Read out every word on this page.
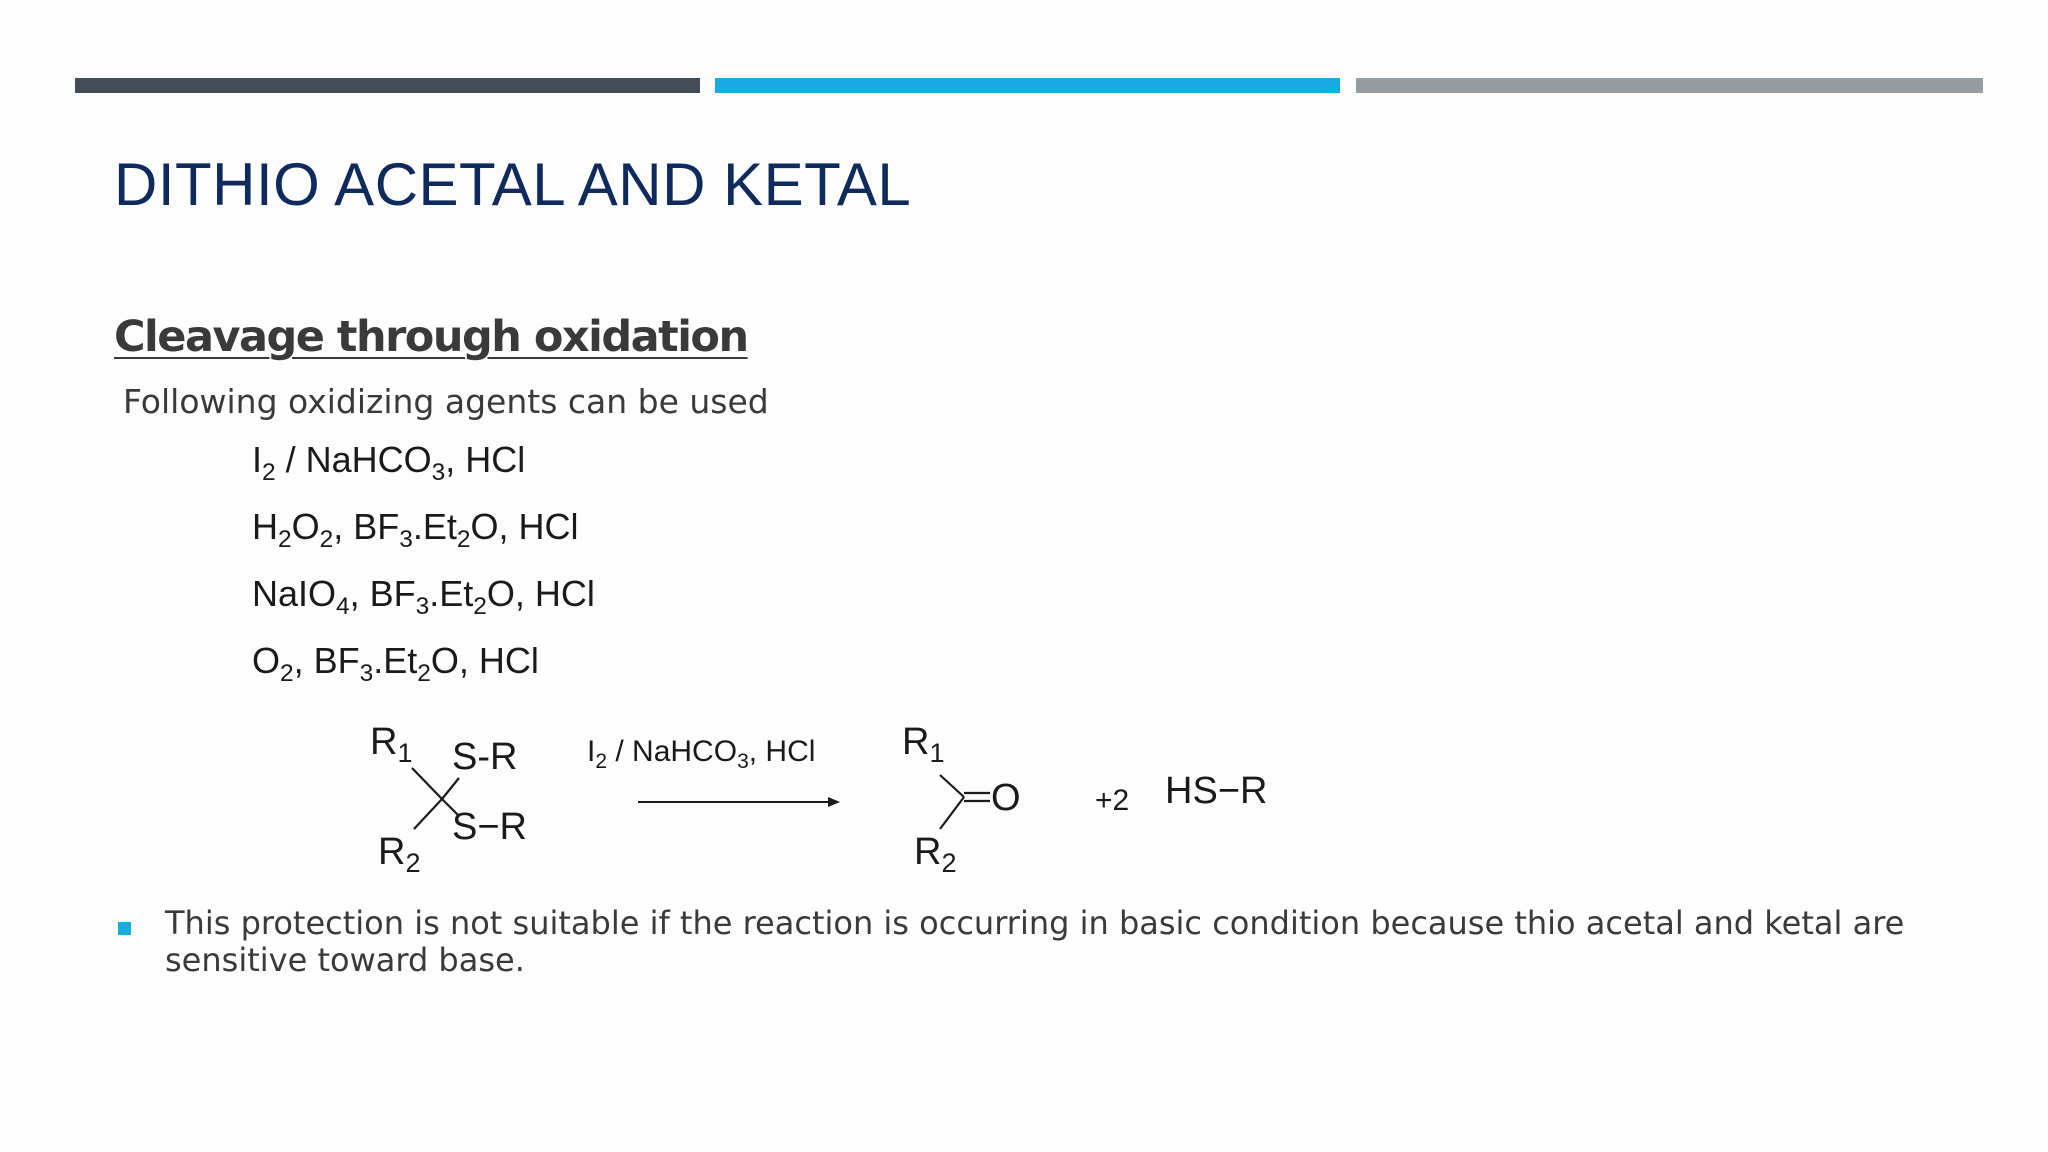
DITHIO ACETAL AND KETAL
Cleavage through oxidation
Following oxidizing agents can be used
$I_2$ / NaHCO$_3$, HCl
$H_2O_2$, $BF_3.Et_2O$, HCl
NaIO$_4$, $BF_3.Et_2O$, HCl
$O_2$, $BF_3.Et_2O$, HCl
$R_1$ S-R
S−R
$R_2$
$I_2$ / NaHCO$_3$, HCl $R_1$
$R_2$
O +2 HS−R
This protection is not suitable if the reaction is occurring in basic condition because thio acetal and ketal are sensitive toward base.
